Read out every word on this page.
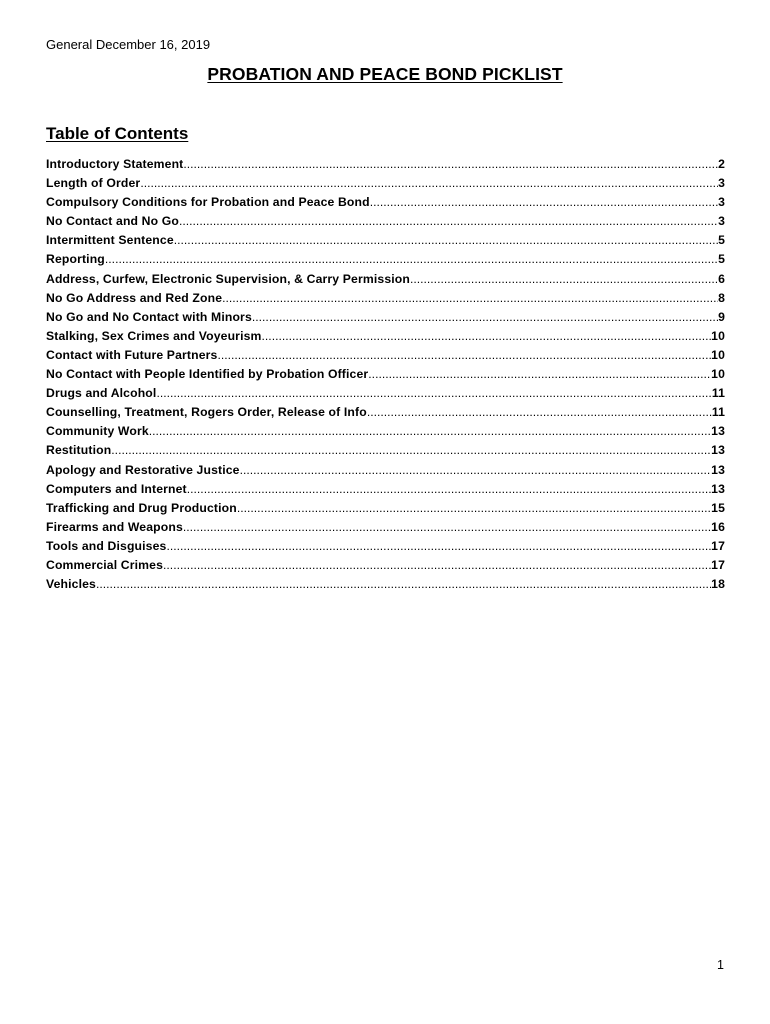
General December 16, 2019
PROBATION AND PEACE BOND PICKLIST
Table of Contents
Introductory Statement .....	2
Length of Order .....	3
Compulsory Conditions for Probation and Peace Bond .....	3
No Contact and No Go .....	3
Intermittent Sentence .....	5
Reporting .....	5
Address, Curfew, Electronic Supervision, & Carry Permission .....	6
No Go Address and Red Zone .....	8
No Go and No Contact with Minors .....	9
Stalking, Sex Crimes and Voyeurism .....	10
Contact with Future Partners .....	10
No Contact with People Identified by Probation Officer .....	10
Drugs and Alcohol .....	11
Counselling, Treatment, Rogers Order, Release of Info .....	11
Community Work .....	13
Restitution .....	13
Apology and Restorative Justice .....	13
Computers and Internet .....	13
Trafficking and Drug Production .....	15
Firearms and Weapons .....	16
Tools and Disguises .....	17
Commercial Crimes .....	17
Vehicles .....	18
1
